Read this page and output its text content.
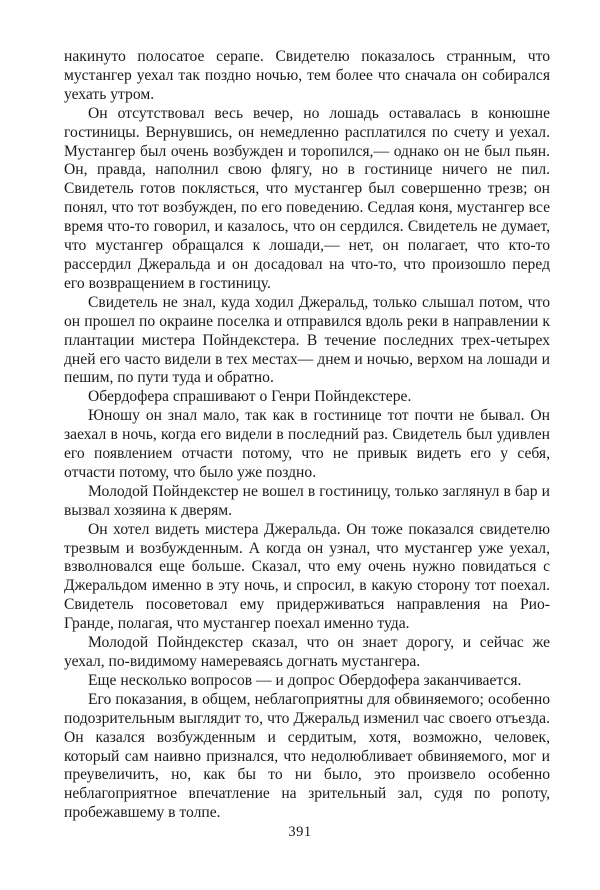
накинуто полосатое серапе. Свидетелю показалось странным, что мустангер уехал так поздно ночью, тем более что сначала он собирался уехать утром.

Он отсутствовал весь вечер, но лошадь оставалась в конюшне гостиницы. Вернувшись, он немедленно расплатился по счету и уехал. Мустангер был очень возбужден и торопился,— однако он не был пьян. Он, правда, наполнил свою флягу, но в гостинице ничего не пил. Свидетель готов поклясться, что мустангер был совершенно трезв; он понял, что тот возбужден, по его поведению. Седлая коня, мустангер все время что-то говорил, и казалось, что он сердился. Свидетель не думает, что мустангер обращался к лошади,— нет, он полагает, что кто-то рассердил Джеральда и он досадовал на что-то, что произошло перед его возвращением в гостиницу.

Свидетель не знал, куда ходил Джеральд, только слышал потом, что он прошел по окраине поселка и отправился вдоль реки в направлении к плантации мистера Пойндекстера. В течение последних трех-четырех дней его часто видели в тех местах— днем и ночью, верхом на лошади и пешим, по пути туда и обратно.

Обердофера спрашивают о Генри Пойндекстере.

Юношу он знал мало, так как в гостинице тот почти не бывал. Он заехал в ночь, когда его видели в последний раз. Свидетель был удивлен его появлением отчасти потому, что не привык видеть его у себя, отчасти потому, что было уже поздно.

Молодой Пойндекстер не вошел в гостиницу, только заглянул в бар и вызвал хозяина к дверям.

Он хотел видеть мистера Джеральда. Он тоже показался свидетелю трезвым и возбужденным. А когда он узнал, что мустангер уже уехал, взволновался еще больше. Сказал, что ему очень нужно повидаться с Джеральдом именно в эту ночь, и спросил, в какую сторону тот поехал. Свидетель посоветовал ему придерживаться направления на Рио-Гранде, полагая, что мустангер поехал именно туда.

Молодой Пойндекстер сказал, что он знает дорогу, и сейчас же уехал, по-видимому намереваясь догнать мустангера.

Еще несколько вопросов — и допрос Обердофера заканчивается.

Его показания, в общем, неблагоприятны для обвиняемого; особенно подозрительным выглядит то, что Джеральд изменил час своего отъезда. Он казался возбужденным и сердитым, хотя, возможно, человек, который сам наивно признался, что недолюбливает обвиняемого, мог и преувеличить, но, как бы то ни было, это произвело особенно неблагоприятное впечатление на зрительный зал, судя по ропоту, пробежавшему в толпе.

391
